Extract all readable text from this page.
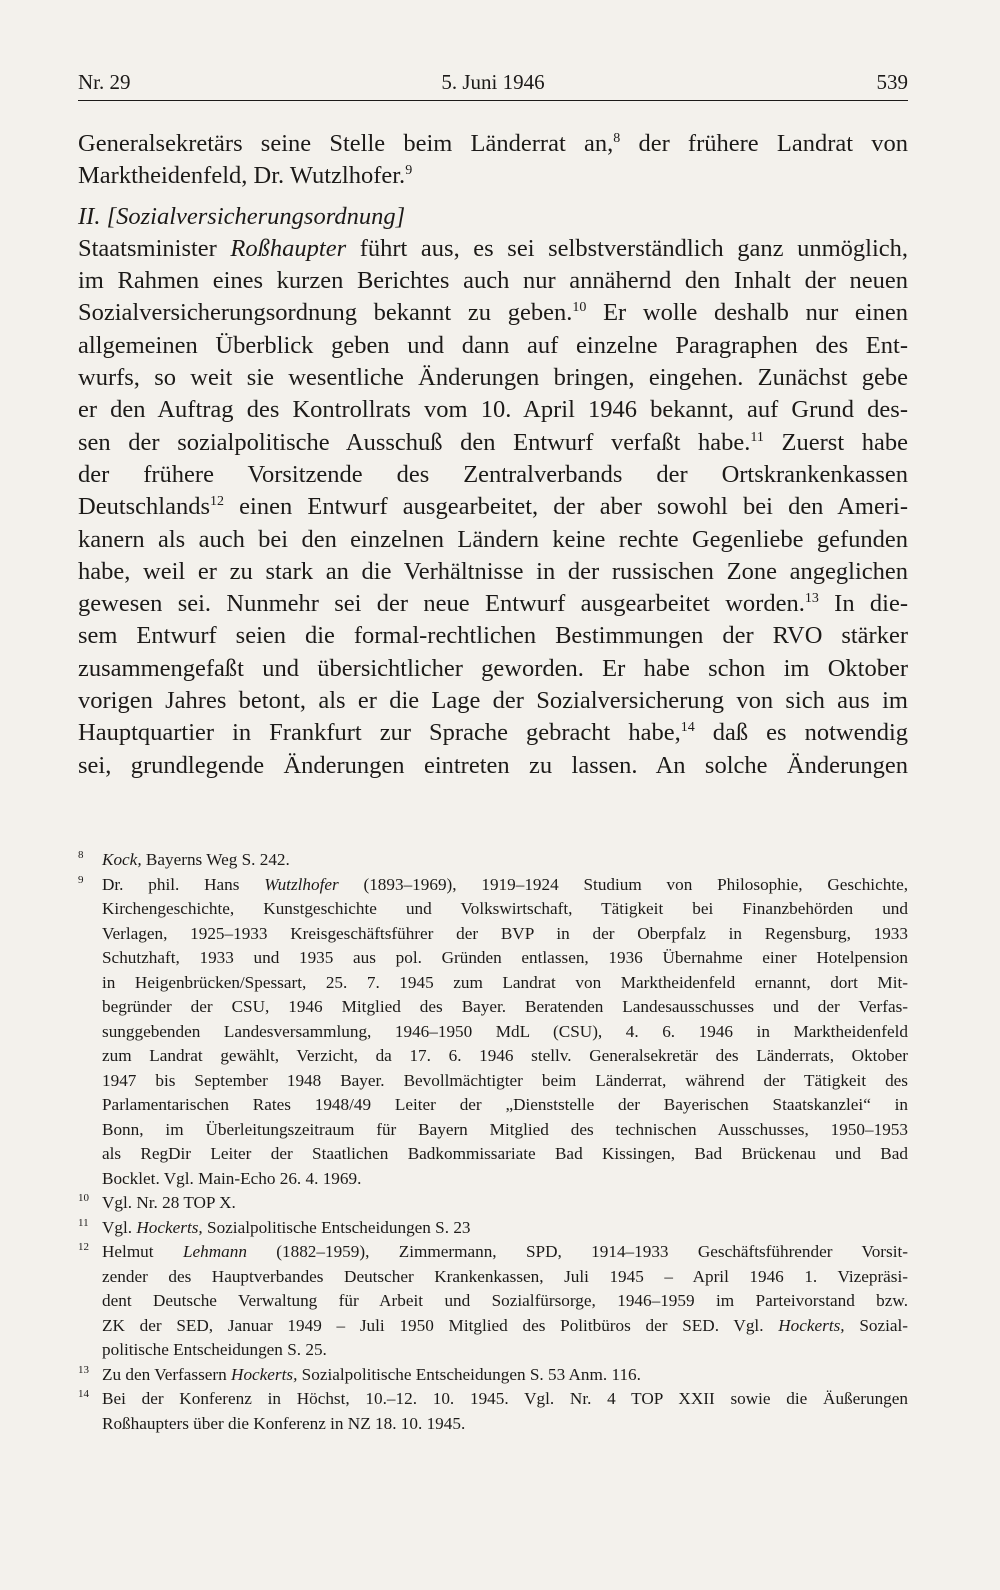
Nr. 29	5. Juni 1946	539
Generalsekretärs seine Stelle beim Länderrat an,$^8$ der frühere Landrat von
Marktheidenfeld, Dr. Wutzlhofer.$^9$
II. [Sozialversicherungsordnung]
Staatsminister Roßhaupter führt aus, es sei selbstverständlich ganz unmöglich,
im Rahmen eines kurzen Berichtes auch nur annähernd den Inhalt der neuen
Sozialversicherungsordnung bekannt zu geben.$^{10}$ Er wolle deshalb nur einen
allgemeinen Überblick geben und dann auf einzelne Paragraphen des Ent-
wurfs, so weit sie wesentliche Änderungen bringen, eingehen. Zunächst gebe
er den Auftrag des Kontrollrats vom 10. April 1946 bekannt, auf Grund des-
sen der sozialpolitische Ausschuß den Entwurf verfaßt habe.$^{11}$ Zuerst habe
der frühere Vorsitzende des Zentralverbands der Ortskrankenkassen
Deutschlands$^{12}$ einen Entwurf ausgearbeitet, der aber sowohl bei den Ameri-
kanern als auch bei den einzelnen Ländern keine rechte Gegenliebe gefunden
habe, weil er zu stark an die Verhältnisse in der russischen Zone angeglichen
gewesen sei. Nunmehr sei der neue Entwurf ausgearbeitet worden.$^{13}$ In die-
sem Entwurf seien die formal-rechtlichen Bestimmungen der RVO stärker
zusammengefaßt und übersichtlicher geworden. Er habe schon im Oktober
vorigen Jahres betont, als er die Lage der Sozialversicherung von sich aus im
Hauptquartier in Frankfurt zur Sprache gebracht habe,$^{14}$ daß es notwendig
sei, grundlegende Änderungen eintreten zu lassen. An solche Änderungen
8 Kock, Bayerns Weg S. 242.
9 Dr. phil. Hans Wutzlhofer (1893–1969), 1919–1924 Studium von Philosophie, Geschichte,
Kirchengeschichte, Kunstgeschichte und Volkswirtschaft, Tätigkeit bei Finanzbehörden und
Verlagen, 1925–1933 Kreisgeschäftsführer der BVP in der Oberpfalz in Regensburg, 1933
Schutzhaft, 1933 und 1935 aus pol. Gründen entlassen, 1936 Übernahme einer Hotelpension
in Heigenbrücken/Spessart, 25. 7. 1945 zum Landrat von Marktheidenfeld ernannt, dort Mit-
begründer der CSU, 1946 Mitglied des Bayer. Beratenden Landesausschusses und der Verfas-
sunggebenden Landesversammlung, 1946–1950 MdL (CSU), 4. 6. 1946 in Marktheidenfeld
zum Landrat gewählt, Verzicht, da 17. 6. 1946 stellv. Generalsekretär des Länderrats, Oktober
1947 bis September 1948 Bayer. Bevollmächtigter beim Länderrat, während der Tätigkeit des
Parlamentarischen Rates 1948/49 Leiter der „Dienststelle der Bayerischen Staatskanzlei“ in
Bonn, im Überleitungszeitraum für Bayern Mitglied des technischen Ausschusses, 1950–1953
als RegDir Leiter der Staatlichen Badkommissariate Bad Kissingen, Bad Brückenau und Bad
Bocklet. Vgl. Main-Echo 26. 4. 1969.
10 Vgl. Nr. 28 TOP X.
11 Vgl. Hockerts, Sozialpolitische Entscheidungen S. 23
12 Helmut Lehmann (1882–1959), Zimmermann, SPD, 1914–1933 Geschäftsführender Vorsit-
zender des Hauptverbandes Deutscher Krankenkassen, Juli 1945 – April 1946 1. Vizepräsi-
dent Deutsche Verwaltung für Arbeit und Sozialfürsorge, 1946–1959 im Parteivorstand bzw.
ZK der SED, Januar 1949 – Juli 1950 Mitglied des Politbüros der SED. Vgl. Hockerts, Sozial-
politische Entscheidungen S. 25.
13 Zu den Verfassern Hockerts, Sozialpolitische Entscheidungen S. 53 Anm. 116.
14 Bei der Konferenz in Höchst, 10.–12. 10. 1945. Vgl. Nr. 4 TOP XXII sowie die Äußerungen
Roßhaupters über die Konferenz in NZ 18. 10. 1945.
